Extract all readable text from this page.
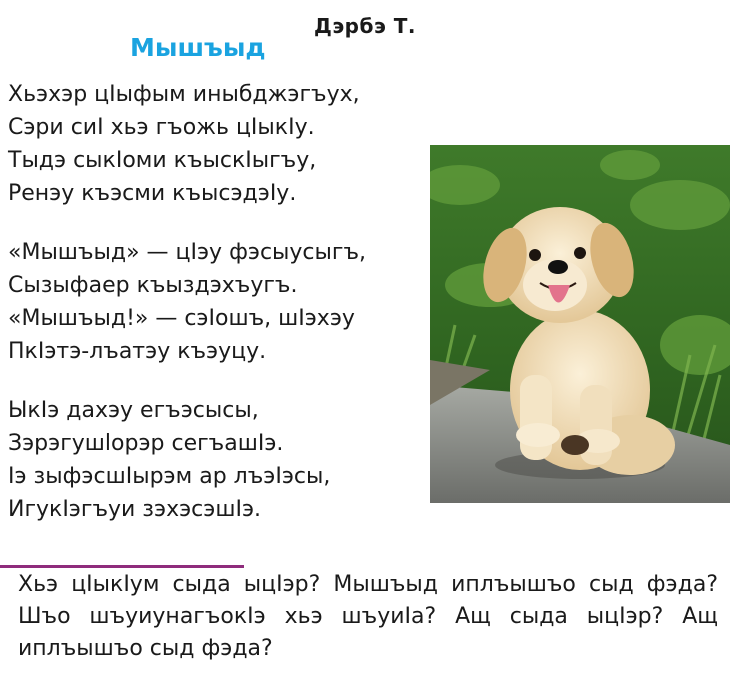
Дэрбэ Т.
Мышъыд
Хьэхэр цIыфым иныбджэгъух,
Сэри сиI хьэ гъожь цIыкIу.
Тыдэ сыкIоми къыскIыгъу,
Ренэу къэсми къысэдэIу.
«Мышъыд» — цIэу фэсыусыгъ,
Сызыфаер къыздэхъугъ.
«Мышъыд!» — сэIошъ, шIэхэу
ПкIэтэ-лъатэу къэуцу.
ЫкIэ дахэу егъэсысы,
Зэрэгушlорэр сегъашIэ.
Iэ зыфэсшIырэм ар лъэIэсы,
ИгукIэгъуи зэхэсэшIэ.
Хьэ цIыкIум сыда ыцIэр? Мышъыд иплъышъо сыд фэда? Шъо шъуиунагъокIэ хьэ шъуиIа? Ащ сыда ыцIэр? Ащ иплъышъо сыд фэда?
